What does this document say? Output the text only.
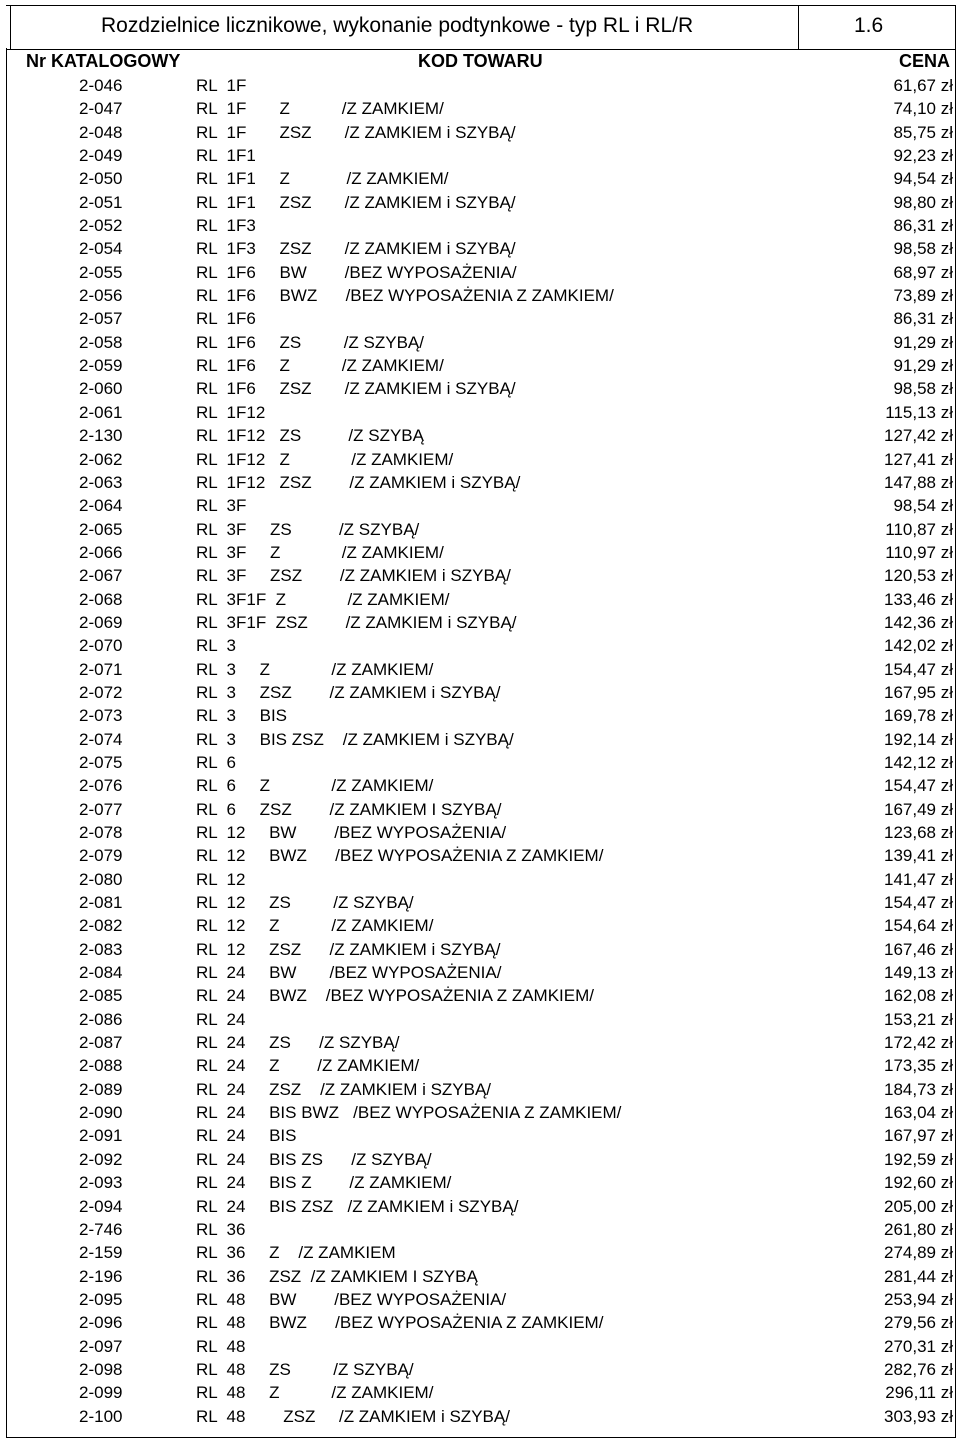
Rozdzielnice licznikowe, wykonanie podtynkowe - typ RL i RL/R	1.6
Nr KATALOGOWY	KOD TOWARU	CENA
2-046	RL  1F	61,67 zł
2-047	RL  1F       Z           /Z ZAMKIEM/	74,10 zł
2-048	RL  1F       ZSZ       /Z ZAMKIEM i SZYBĄ/	85,75 zł
2-049	RL  1F1	92,23 zł
2-050	RL  1F1     Z            /Z ZAMKIEM/	94,54 zł
2-051	RL  1F1     ZSZ       /Z ZAMKIEM i SZYBĄ/	98,80 zł
2-052	RL  1F3	86,31 zł
2-054	RL  1F3     ZSZ       /Z ZAMKIEM i SZYBĄ/	98,58 zł
2-055	RL  1F6     BW        /BEZ WYPOSAŻENIA/	68,97 zł
2-056	RL  1F6     BWZ      /BEZ WYPOSAŻENIA Z ZAMKIEM/	73,89 zł
2-057	RL  1F6	86,31 zł
2-058	RL  1F6     ZS         /Z SZYBĄ/	91,29 zł
2-059	RL  1F6     Z           /Z ZAMKIEM/	91,29 zł
2-060	RL  1F6     ZSZ       /Z ZAMKIEM i SZYBĄ/	98,58 zł
2-061	RL  1F12	115,13 zł
2-130	RL  1F12   ZS          /Z SZYBĄ	127,42 zł
2-062	RL  1F12   Z             /Z ZAMKIEM/	127,41 zł
2-063	RL  1F12   ZSZ        /Z ZAMKIEM i SZYBĄ/	147,88 zł
2-064	RL  3F	98,54 zł
2-065	RL  3F     ZS          /Z SZYBĄ/	110,87 zł
2-066	RL  3F     Z             /Z ZAMKIEM/	110,97 zł
2-067	RL  3F     ZSZ        /Z ZAMKIEM i SZYBĄ/	120,53 zł
2-068	RL  3F1F  Z             /Z ZAMKIEM/	133,46 zł
2-069	RL  3F1F  ZSZ        /Z ZAMKIEM i SZYBĄ/	142,36 zł
2-070	RL  3	142,02 zł
2-071	RL  3     Z             /Z ZAMKIEM/	154,47 zł
2-072	RL  3     ZSZ        /Z ZAMKIEM i SZYBĄ/	167,95 zł
2-073	RL  3     BIS	169,78 zł
2-074	RL  3     BIS ZSZ    /Z ZAMKIEM i SZYBĄ/	192,14 zł
2-075	RL  6	142,12 zł
2-076	RL  6     Z             /Z ZAMKIEM/	154,47 zł
2-077	RL  6     ZSZ        /Z ZAMKIEM I SZYBĄ/	167,49 zł
2-078	RL  12     BW        /BEZ WYPOSAŻENIA/	123,68 zł
2-079	RL  12     BWZ      /BEZ WYPOSAŻENIA Z ZAMKIEM/	139,41 zł
2-080	RL  12	141,47 zł
2-081	RL  12     ZS         /Z SZYBĄ/	154,47 zł
2-082	RL  12     Z           /Z ZAMKIEM/	154,64 zł
2-083	RL  12     ZSZ      /Z ZAMKIEM i SZYBĄ/	167,46 zł
2-084	RL  24     BW       /BEZ WYPOSAŻENIA/	149,13 zł
2-085	RL  24     BWZ    /BEZ WYPOSAŻENIA Z ZAMKIEM/	162,08 zł
2-086	RL  24	153,21 zł
2-087	RL  24     ZS      /Z SZYBĄ/	172,42 zł
2-088	RL  24     Z        /Z ZAMKIEM/	173,35 zł
2-089	RL  24     ZSZ    /Z ZAMKIEM i SZYBĄ/	184,73 zł
2-090	RL  24     BIS BWZ   /BEZ WYPOSAŻENIA Z ZAMKIEM/	163,04 zł
2-091	RL  24     BIS	167,97 zł
2-092	RL  24     BIS ZS      /Z SZYBĄ/	192,59 zł
2-093	RL  24     BIS Z        /Z ZAMKIEM/	192,60 zł
2-094	RL  24     BIS ZSZ   /Z ZAMKIEM i SZYBĄ/	205,00 zł
2-746	RL  36	261,80 zł
2-159	RL  36     Z    /Z ZAMKIEM	274,89 zł
2-196	RL  36     ZSZ  /Z ZAMKIEM I SZYBĄ	281,44 zł
2-095	RL  48     BW        /BEZ WYPOSAŻENIA/	253,94 zł
2-096	RL  48     BWZ      /BEZ WYPOSAŻENIA Z ZAMKIEM/	279,56 zł
2-097	RL  48	270,31 zł
2-098	RL  48     ZS         /Z SZYBĄ/	282,76 zł
2-099	RL  48     Z           /Z ZAMKIEM/	296,11 zł
2-100	RL  48        ZSZ     /Z ZAMKIEM i SZYBĄ/	303,93 zł
